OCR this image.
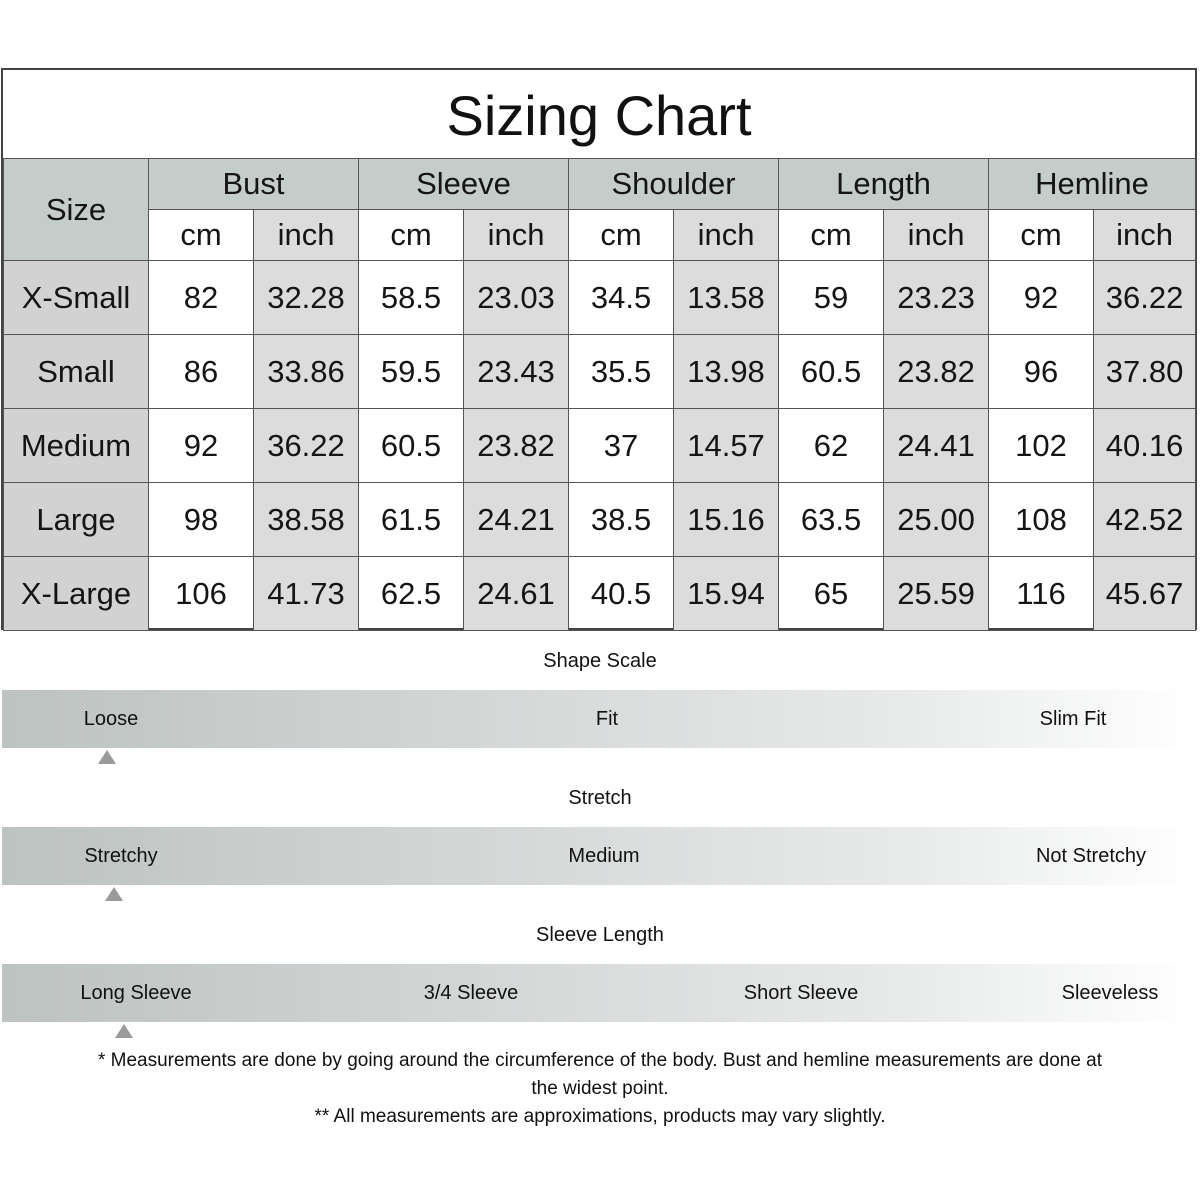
Sizing Chart
Size	Bust		Sleeve		Shoulder		Length		Hemline	
	cm	inch	cm	inch	cm	inch	cm	inch	cm	inch
X-Small	82	32.28	58.5	23.03	34.5	13.58	59	23.23	92	36.22
Small	86	33.86	59.5	23.43	35.5	13.98	60.5	23.82	96	37.80
Medium	92	36.22	60.5	23.82	37	14.57	62	24.41	102	40.16
Large	98	38.58	61.5	24.21	38.5	15.16	63.5	25.00	108	42.52
X-Large	106	41.73	62.5	24.61	40.5	15.94	65	25.59	116	45.67
Shape Scale
Loose	Fit	Slim Fit
Stretch
Stretchy	Medium	Not Stretchy
Sleeve Length
Long Sleeve	3/4 Sleeve	Short Sleeve	Sleeveless
* Measurements are done by going around the circumference of the body. Bust and hemline measurements are done at
the widest point.
** All measurements are approximations, products may vary slightly.
